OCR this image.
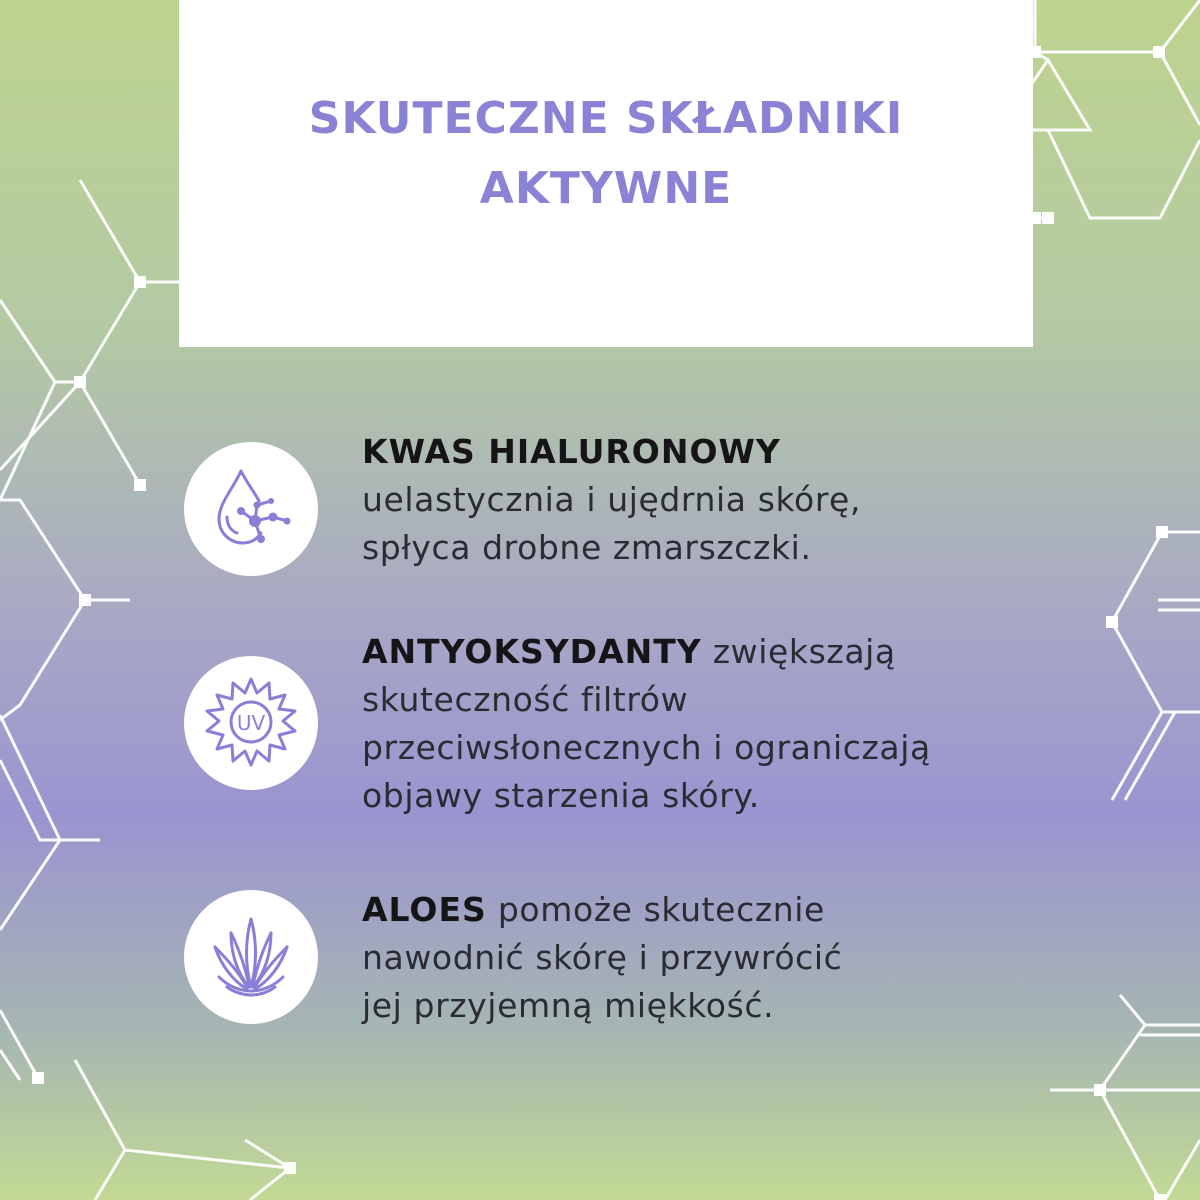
SKUTECZNE SKŁADNIKI
AKTYWNE
KWAS HIALURONOWY
uelastycznia i ujędrnia skórę,
spłyca drobne zmarszczki.
UV
ANTYOKSYDANTY zwiększają
skuteczność filtrów
przeciwsłonecznych i ograniczają
objawy starzenia skóry.
ALOES pomoże skutecznie
nawodnić skórę i przywrócić
jej przyjemną miękkość.
